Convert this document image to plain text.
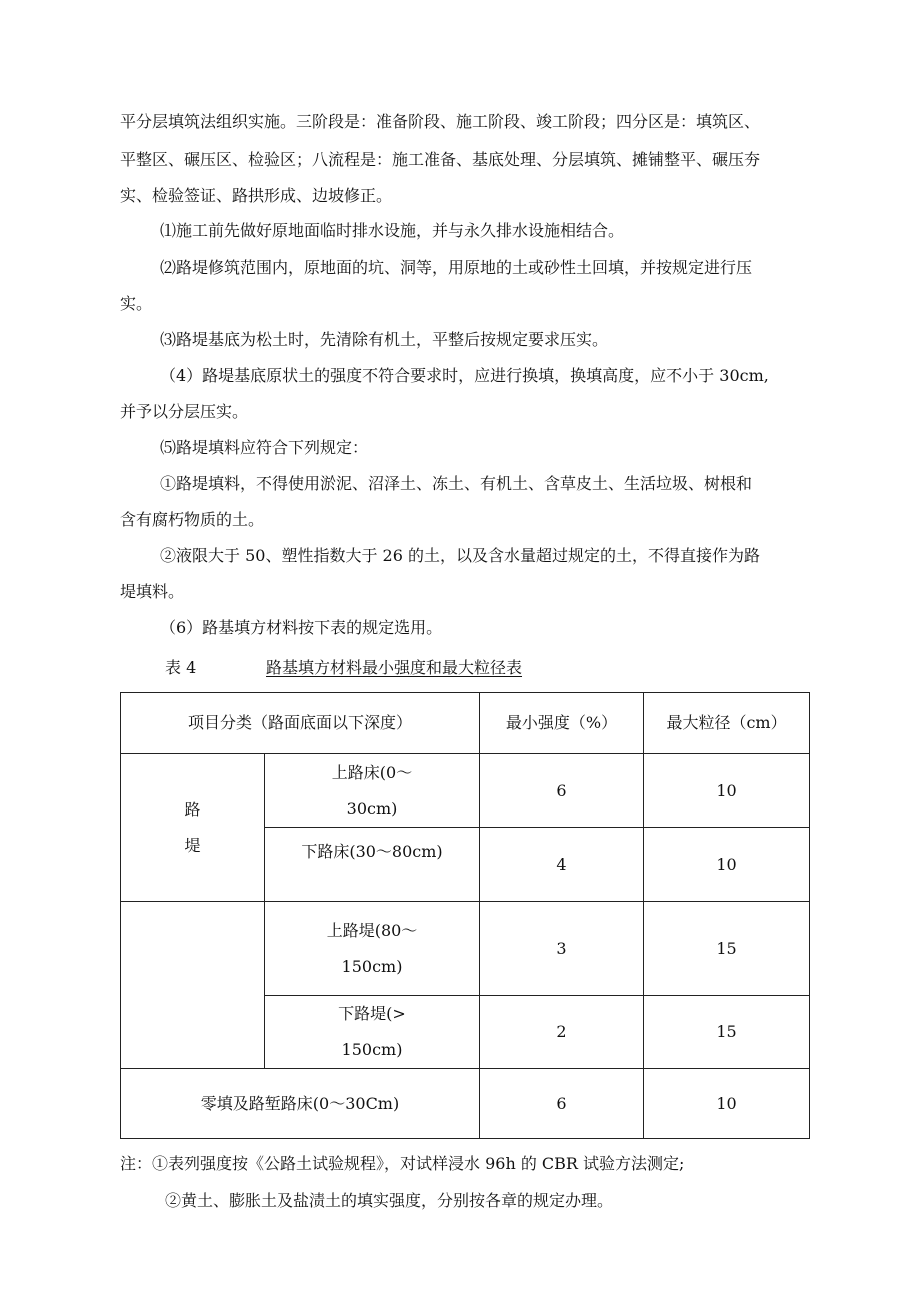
平分层填筑法组织实施。三阶段是：准备阶段、施工阶段、竣工阶段；四分区是：填筑区、
平整区、碾压区、检验区；八流程是：施工准备、基底处理、分层填筑、摊铺整平、碾压夯
实、检验签证、路拱形成、边坡修正。
⑴施工前先做好原地面临时排水设施，并与永久排水设施相结合。
⑵路堤修筑范围内，原地面的坑、洞等，用原地的土或砂性土回填，并按规定进行压
实。
⑶路堤基底为松土时，先清除有机土，平整后按规定要求压实。
（4）路堤基底原状土的强度不符合要求时，应进行换填，换填高度，应不小于 30cm,
并予以分层压实。
⑸路堤填料应符合下列规定：
①路堤填料，不得使用淤泥、沼泽土、冻土、有机土、含草皮土、生活垃圾、树根和
含有腐朽物质的土。
②液限大于 50、塑性指数大于 26 的土，以及含水量超过规定的土，不得直接作为路
堤填料。
（6）路基填方材料按下表的规定选用。
表 4	路基填方材料最小强度和最大粒径表
项目分类（路面底面以下深度）		最小强度（%）	最大粒径（cm）

路
堤	上路床(0～
30cm)	6	10
	下路床(30～80cm)	4	10

	上路堤(80～
150cm)	3	15

	下路堤(>
150cm)	2	15
零填及路堑路床(0～30Cm)		6	10
注：①表列强度按《公路土试验规程》，对试样浸水 96h 的 CBR 试验方法测定;
②黄土、膨胀土及盐渍土的填实强度，分别按各章的规定办理。
